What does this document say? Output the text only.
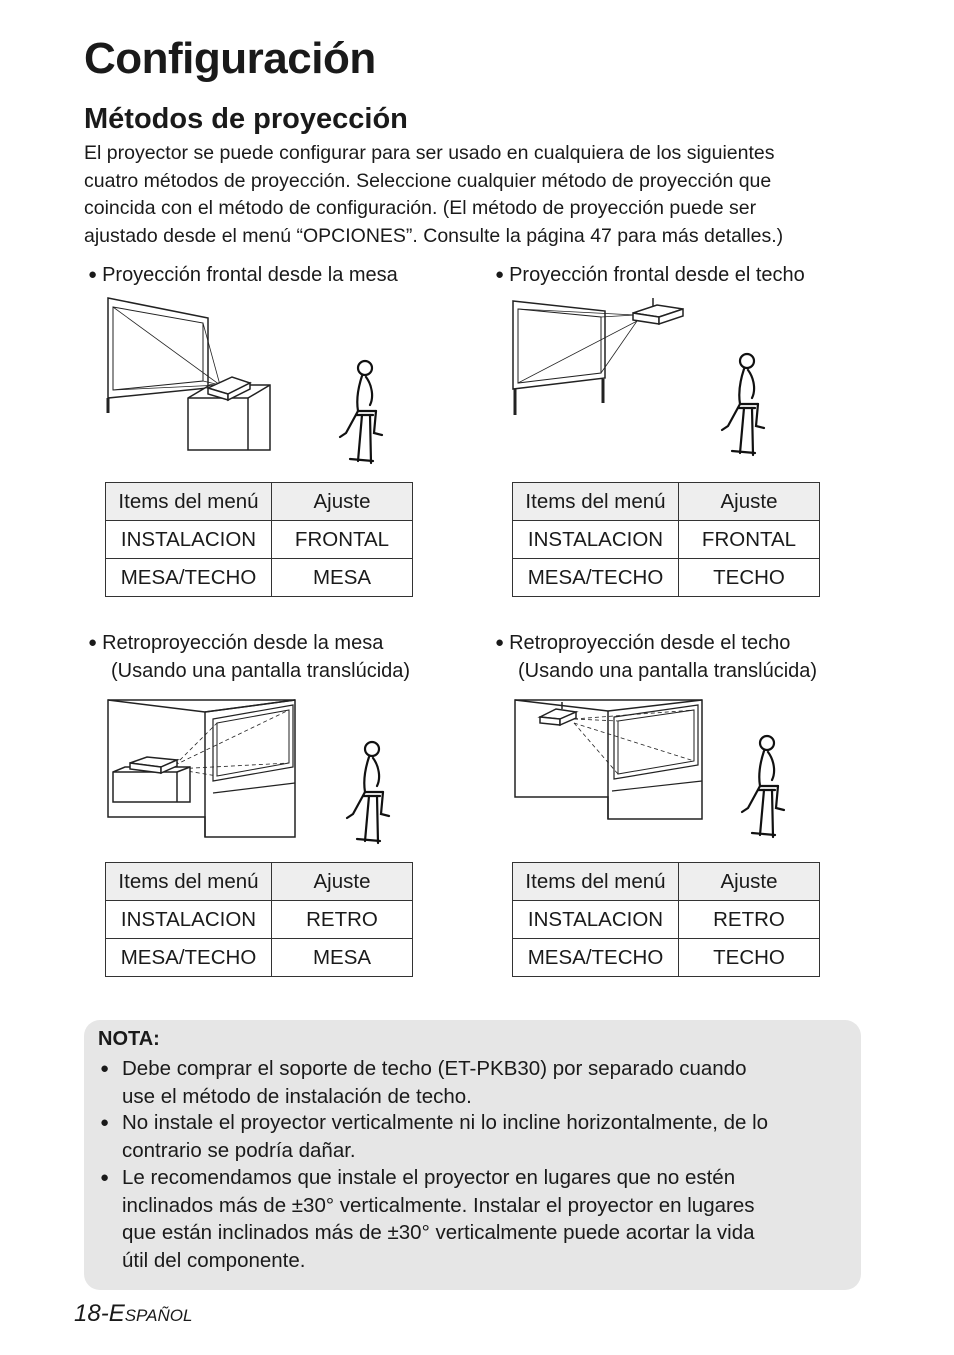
Configuración
Métodos de proyección

El proyector se puede configurar para ser usado en cualquiera de los siguientes
cuatro métodos de proyección. Seleccione cualquier método de proyección que
coincida con el método de configuración. (El método de proyección puede ser
ajustado desde el menú “OPCIONES”. Consulte la página 47 para más detalles.)

● Proyección frontal desde la mesa
Items del menú	Ajuste
INSTALACION	FRONTAL
MESA/TECHO	MESA
● Proyección frontal desde el techo
Items del menú	Ajuste
INSTALACION	FRONTAL
MESA/TECHO	TECHO
● Retroproyección desde la mesa
(Usando una pantalla translúcida)
Items del menú	Ajuste
INSTALACION	RETRO
MESA/TECHO	MESA
● Retroproyección desde el techo
(Usando una pantalla translúcida)
Items del menú	Ajuste
INSTALACION	RETRO
MESA/TECHO	TECHO
NOTA:
● Debe comprar el soporte de techo (ET-PKB30) por separado cuando
use el método de instalación de techo.
● No instale el proyector verticalmente ni lo incline horizontalmente, de lo
contrario se podría dañar.
● Le recomendamos que instale el proyector en lugares que no estén
inclinados más de ±30° verticalmente. Instalar el proyector en lugares
que están inclinados más de ±30° verticalmente puede acortar la vida
útil del componente.
18-ESPAÑOL
